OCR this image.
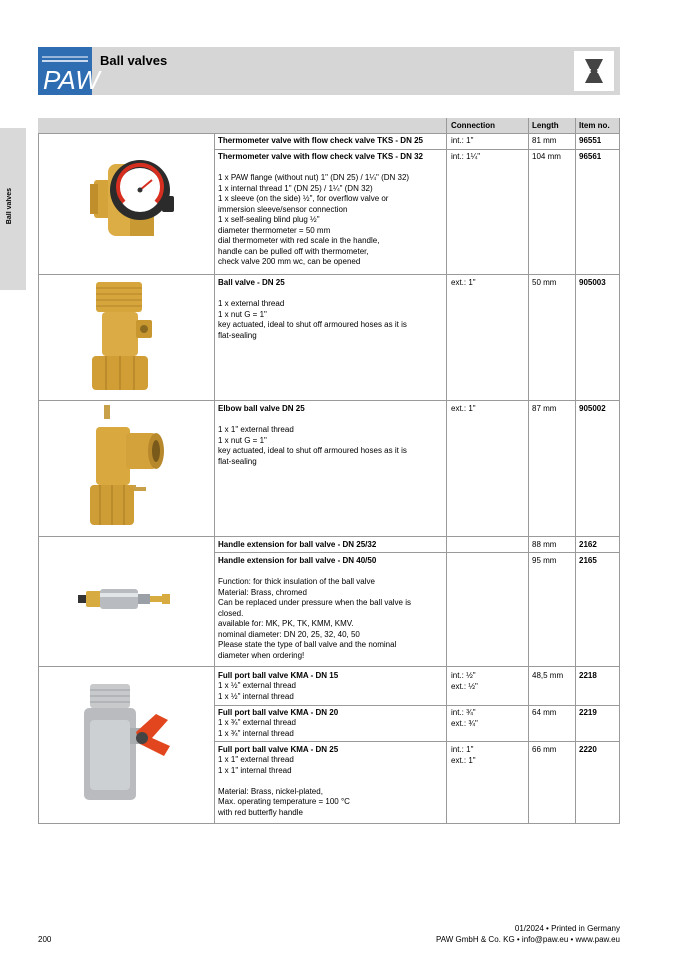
PAW
Ball valves
Ball valves
Connection	Length	Item no.
Thermometer valve with flow check valve TKS - DN 25	int.: 1"	81 mm	96551
Thermometer valve with flow check valve TKS - DN 32
1 x PAW flange (without nut) 1" (DN 25) / 1¼" (DN 32)
1 x internal thread 1" (DN 25) / 1¼" (DN 32)
1 x sleeve (on the side) ½", for overflow valve or
immersion sleeve/sensor connection
1 x self-sealing blind plug ½"
diameter thermometer = 50 mm
dial thermometer with red scale in the handle,
handle can be pulled off with thermometer,
check valve 200 mm wc, can be opened
int.: 1¼"	104 mm 96561
Ball valve - DN 25
1 x external thread
1 x nut G = 1"
key actuated, ideal to shut off armoured hoses as it is
flat-sealing
ext.: 1"	50 mm	905003
Elbow ball valve DN 25
1 x 1" external thread
1 x nut G = 1"
key actuated, ideal to shut off armoured hoses as it is
flat-sealing
ext.: 1"	87 mm	905002
Handle extension for ball valve - DN 25/32	88 mm	2162
Handle extension for ball valve - DN 40/50
Function: for thick insulation of the ball valve
Material: Brass, chromed
Can be replaced under pressure when the ball valve is
closed.
available for: MK, PK, TK, KMM, KMV.
nominal diameter: DN 20, 25, 32, 40, 50
Please state the type of ball valve and the nominal
diameter when ordering!
95 mm	2165
Full port ball valve KMA - DN 15
1 x ½" external thread
1 x ½" internal thread
int.: ½"
ext.: ½"
48,5 mm 2218
Full port ball valve KMA - DN 20
1 x ¾" external thread
1 x ¾" internal thread
int.: ¾"
ext.: ¾"
64 mm	2219
Full port ball valve KMA - DN 25
1 x 1" external thread
1 x 1" internal thread

Material: Brass, nickel-plated,
Max. operating temperature = 100 °C
with red butterfly handle
int.: 1"
ext.: 1"
66 mm	2220
200
01/2024 • Printed in Germany
PAW GmbH & Co. KG • info@paw.eu • www.paw.eu
